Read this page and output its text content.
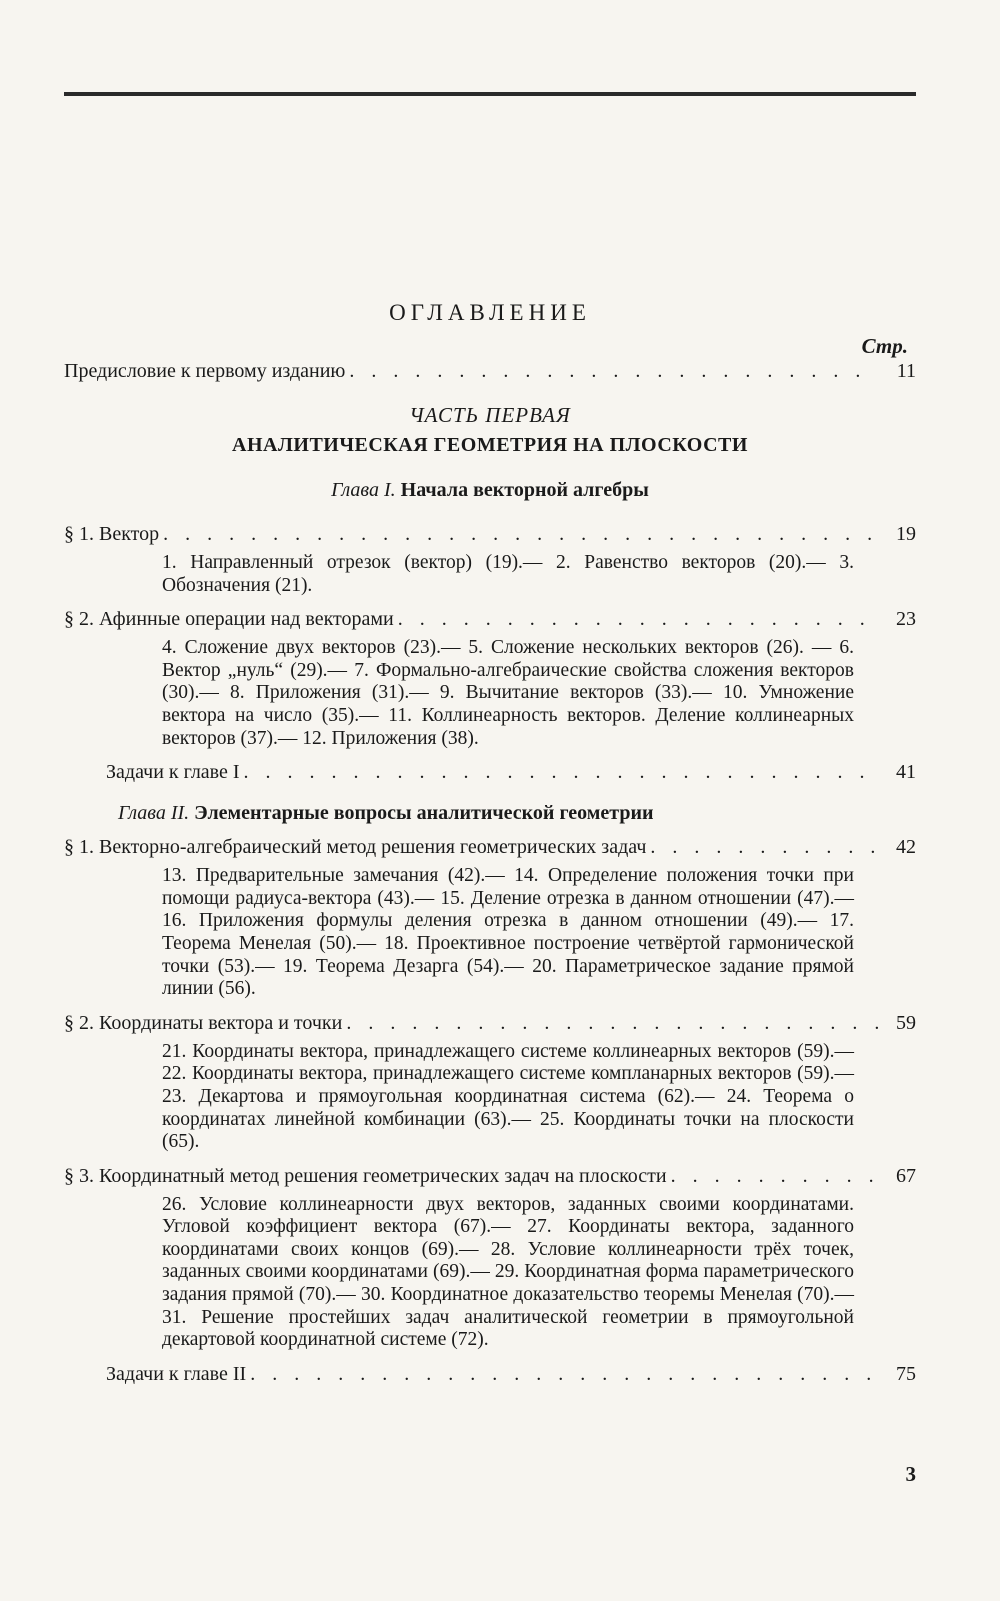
ОГЛАВЛЕНИЕ
Стр.
Предисловие к первому изданию . . .	11
ЧАСТЬ ПЕРВАЯ
АНАЛИТИЧЕСКАЯ ГЕОМЕТРИЯ НА ПЛОСКОСТИ
Глава I. Начала векторной алгебры
§ 1. Вектор . . .	19
1. Направленный отрезок (вектор) (19).— 2. Равенство векторов (20).— 3. Обозначения (21).
§ 2. Афинные операции над векторами . . .	23
4. Сложение двух векторов (23).— 5. Сложение нескольких векторов (26). — 6. Вектор „нуль“ (29).— 7. Формально-алгебраические свойства сложения векторов (30).— 8. Приложения (31).— 9. Вычитание векторов (33).— 10. Умножение вектора на число (35).— 11. Коллинеарность векторов. Деление коллинеарных векторов (37).— 12. Приложения (38).
Задачи к главе I . . .	41
Глава II. Элементарные вопросы аналитической геометрии
§ 1. Векторно-алгебраический метод решения геометрических задач . . .	42
13. Предварительные замечания (42).— 14. Определение положения точки при помощи радиуса-вектора (43).— 15. Деление отрезка в данном отношении (47).— 16. Приложения формулы деления отрезка в данном отношении (49).— 17. Теорема Менелая (50).— 18. Проективное построение четвёртой гармонической точки (53).— 19. Теорема Дезарга (54).— 20. Параметрическое задание прямой линии (56).
§ 2. Координаты вектора и точки . . .	59
21. Координаты вектора, принадлежащего системе коллинеарных векторов (59).— 22. Координаты вектора, принадлежащего системе компланарных векторов (59).— 23. Декартова и прямоугольная координатная система (62).— 24. Теорема о координатах линейной комбинации (63).— 25. Координаты точки на плоскости (65).
§ 3. Координатный метод решения геометрических задач на плоскости . . .	67
26. Условие коллинеарности двух векторов, заданных своими координатами. Угловой коэффициент вектора (67).— 27. Координаты вектора, заданного координатами своих концов (69).— 28. Условие коллинеарности трёх точек, заданных своими координатами (69).— 29. Координатная форма параметрического задания прямой (70).— 30. Координатное доказательство теоремы Менелая (70).— 31. Решение простейших задач аналитической геометрии в прямоугольной декартовой координатной системе (72).
Задачи к главе II . . .	75
3
